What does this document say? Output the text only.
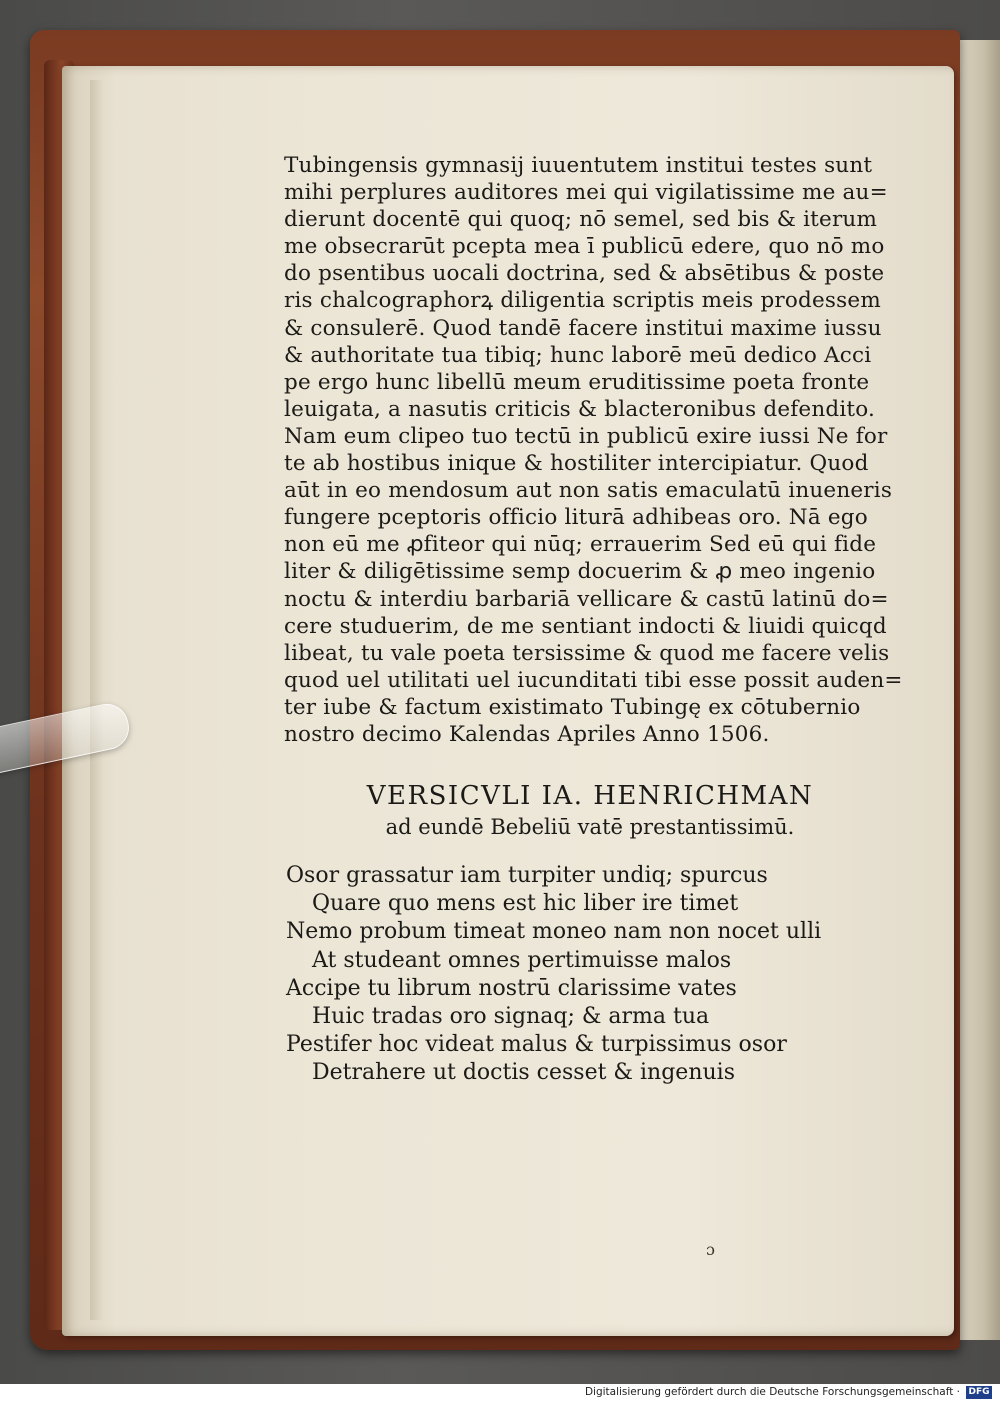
Tubingensis gymnasij iuuentutem institui testes sunt
mihi perplures auditores mei qui vigilatissime me au=
dierunt docentē qui quoq; nō semel, sed bis & iterum
me obsecrarūt pcepta mea ī publicū edere, quo nō mo
do psentibus uocali doctrina, sed & absētibus & poste
ris chalcographorꝝ diligentia scriptis meis prodessem
& consulerē. Quod tandē facere institui maxime iussu
& authoritate tua tibiq; hunc laborē meū dedico Acci
pe ergo hunc libellū meum eruditissime poeta fronte
leuigata, a nasutis criticis & blacteronibus defendito.
Nam eum clipeo tuo tectū in publicū exire iussi Ne for
te ab hostibus inique & hostiliter intercipiatur. Quod
aūt in eo mendosum aut non satis emaculatū inueneris
fungere pceptoris officio liturā adhibeas oro. Nā ego
non eū me ꝓfiteor qui nūq; errauerim Sed eū qui fide
liter & diligētissime semp docuerim & ꝓ meo ingenio
noctu & interdiu barbariā vellicare & castū latinū do=
cere studuerim, de me sentiant indocti & liuidi quicqd
libeat, tu vale poeta tersissime & quod me facere velis
quod uel utilitati uel iucunditati tibi esse possit auden=
ter iube & factum existimato Tubingę ex cōtubernio
nostro decimo Kalendas Apriles Anno 1506.
VERSICVLI IA. HENRICHMAN
ad eundē Bebeliū vatē prestantissimū.
Osor grassatur iam turpiter undiq; spurcus
Quare quo mens est hic liber ire timet
Nemo probum timeat moneo nam non nocet ulli
At studeant omnes pertimuisse malos
Accipe tu librum nostrū clarissime vates
Huic tradas oro signaq; & arma tua
Pestifer hoc videat malus & turpissimus osor
Detrahere ut doctis cesset & ingenuis
ɔ
Digitalisierung gefördert durch die Deutsche Forschungsgemeinschaft · DFG
